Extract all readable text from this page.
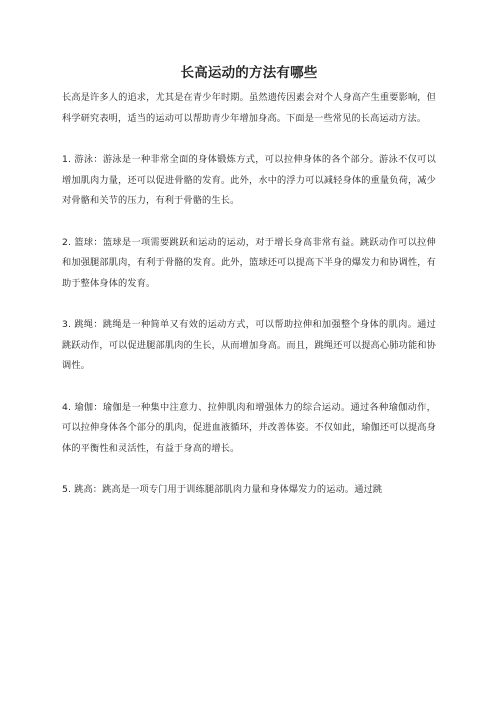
长高运动的方法有哪些

长高是许多人的追求，尤其是在青少年时期。虽然遗传因素会对个人身高产生重要影响，但科学研究表明，适当的运动可以帮助青少年增加身高。下面是一些常见的长高运动方法。

1. 游泳：游泳是一种非常全面的身体锻炼方式，可以拉伸身体的各个部分。游泳不仅可以增加肌肉力量，还可以促进骨骼的发育。此外，水中的浮力可以减轻身体的重量负荷，减少对骨骼和关节的压力，有利于骨骼的生长。

2. 篮球：篮球是一项需要跳跃和运动的运动，对于增长身高非常有益。跳跃动作可以拉伸和加强腿部肌肉，有利于骨骼的发育。此外，篮球还可以提高下半身的爆发力和协调性，有助于整体身体的发育。

3. 跳绳：跳绳是一种简单又有效的运动方式，可以帮助拉伸和加强整个身体的肌肉。通过跳跃动作，可以促进腿部肌肉的生长，从而增加身高。而且，跳绳还可以提高心肺功能和协调性。

4. 瑜伽：瑜伽是一种集中注意力、拉伸肌肉和增强体力的综合运动。通过各种瑜伽动作，可以拉伸身体各个部分的肌肉，促进血液循环，并改善体姿。不仅如此，瑜伽还可以提高身体的平衡性和灵活性，有益于身高的增长。

5. 跳高：跳高是一项专门用于训练腿部肌肉力量和身体爆发力的运动。通过跳
